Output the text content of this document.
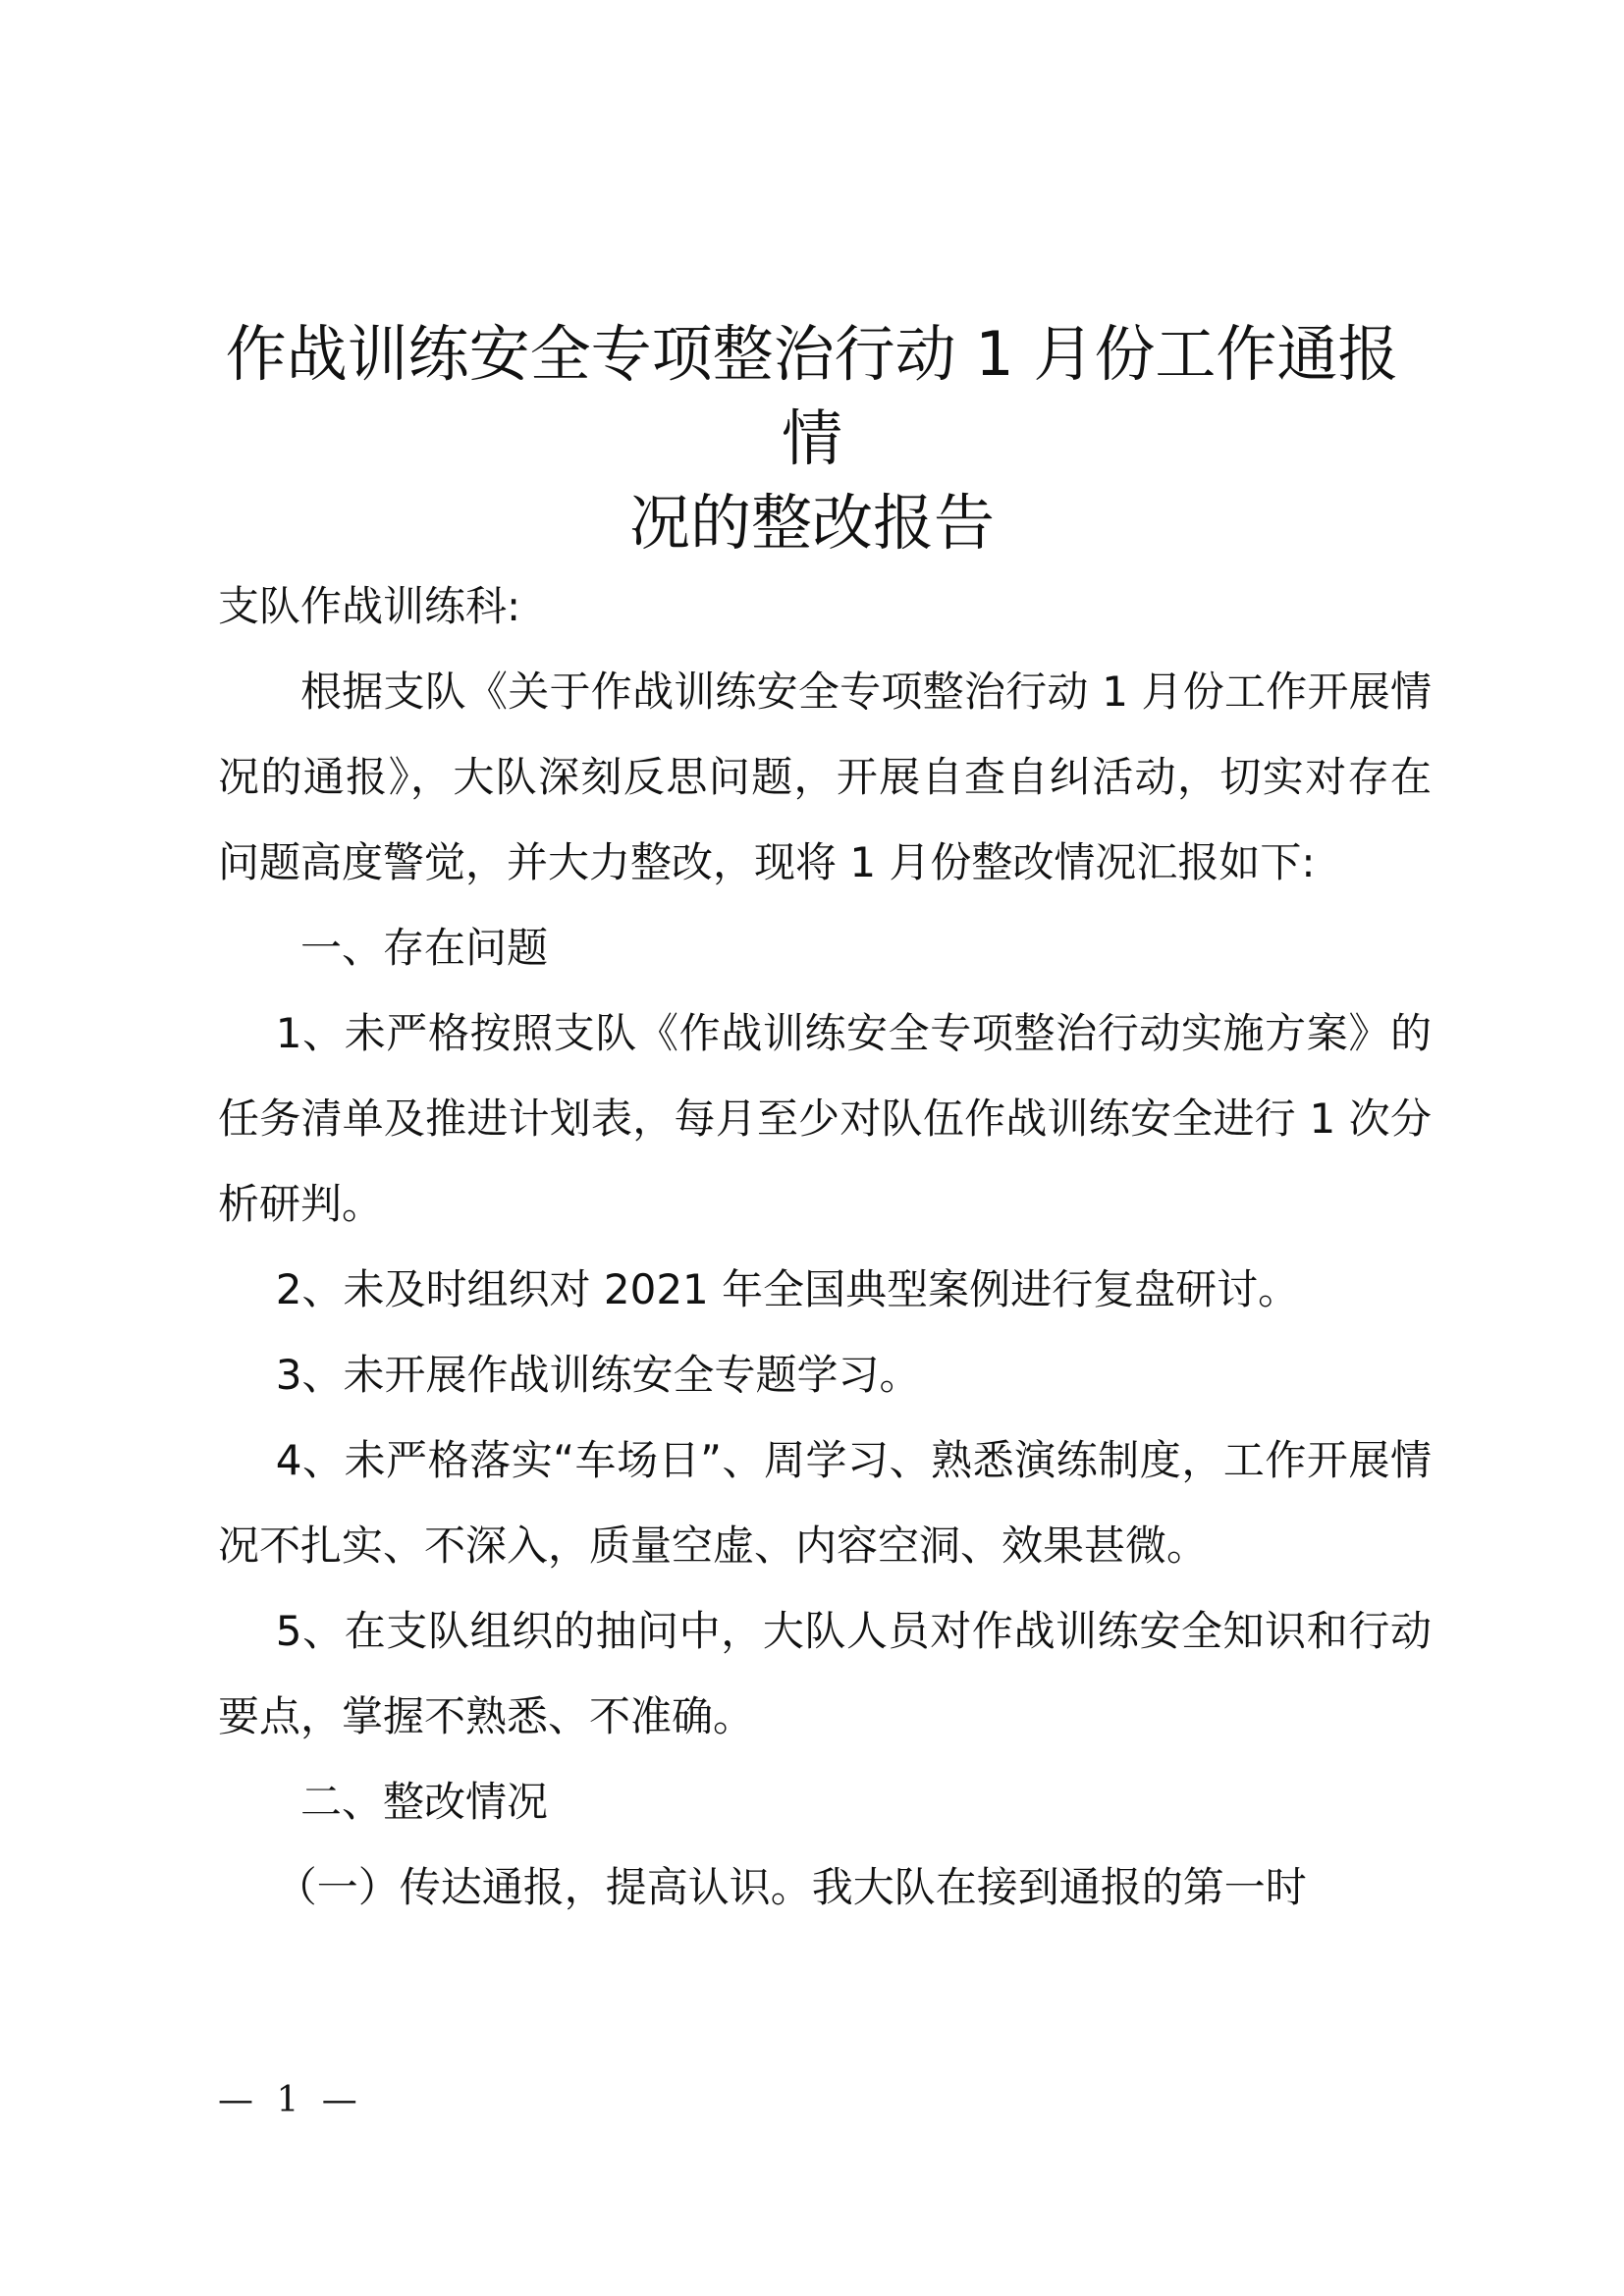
作战训练安全专项整治行动 1 月份工作通报情
况的整改报告

支队作战训练科:

根据支队《关于作战训练安全专项整治行动 1 月份工作开展情况的通报》，大队深刻反思问题，开展自查自纠活动，切实对存在问题高度警觉，并大力整改，现将 1 月份整改情况汇报如下:

一、存在问题

1、未严格按照支队《作战训练安全专项整治行动实施方案》的任务清单及推进计划表，每月至少对队伍作战训练安全进行 1 次分析研判。

2、未及时组织对 2021 年全国典型案例进行复盘研讨。

3、未开展作战训练安全专题学习。

4、未严格落实“车场日”、周学习、熟悉演练制度，工作开展情况不扎实、不深入，质量空虚、内容空洞、效果甚微。

5、在支队组织的抽问中，大队人员对作战训练安全知识和行动要点，掌握不熟悉、不准确。

二、整改情况

（一）传达通报，提高认识。我大队在接到通报的第一时

— 1 —
